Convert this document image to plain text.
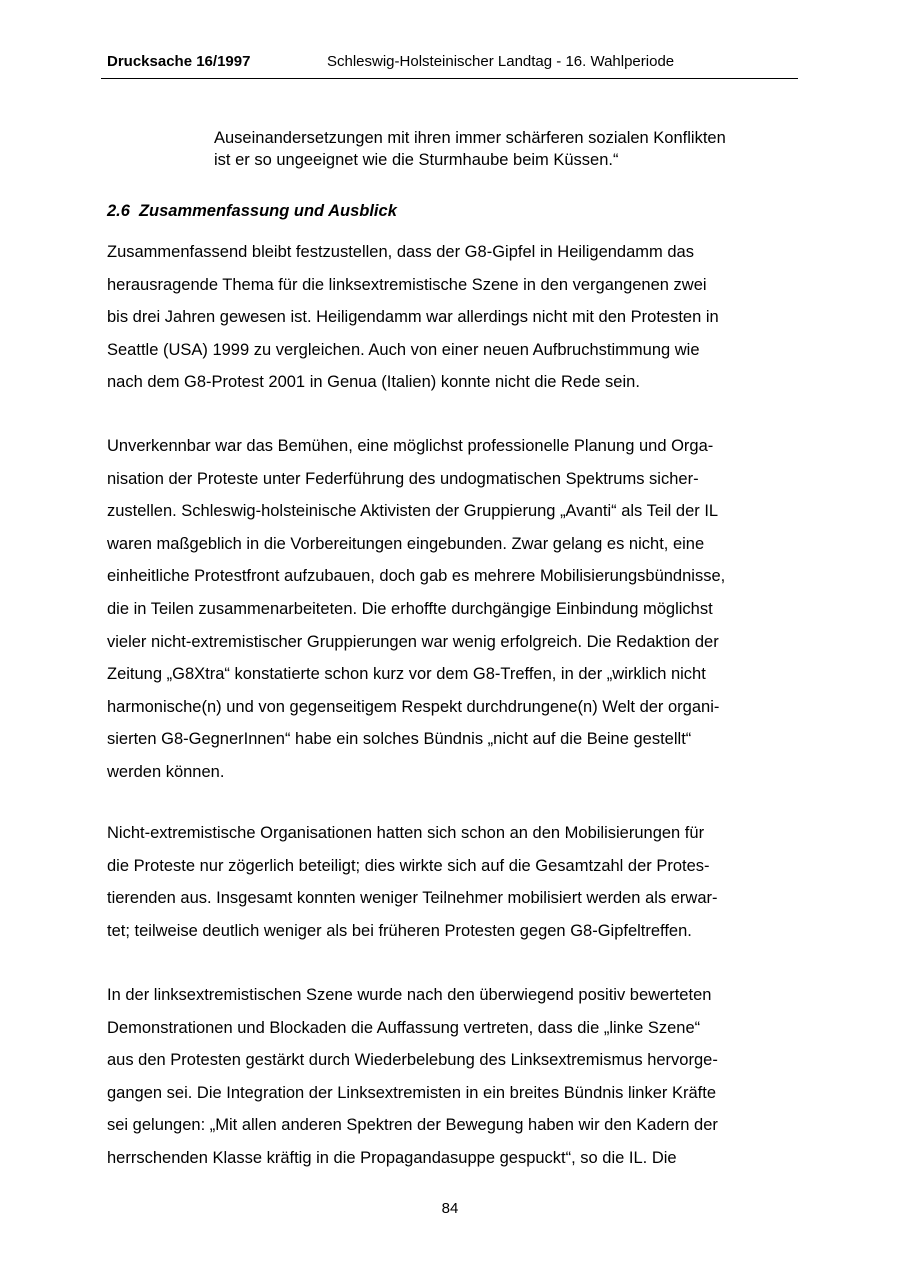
Drucksache 16/1997	Schleswig-Holsteinischer Landtag - 16. Wahlperiode
Auseinandersetzungen mit ihren immer schärferen sozialen Konflikten
ist er so ungeeignet wie die Sturmhaube beim Küssen.“
2.6 Zusammenfassung und Ausblick
Zusammenfassend bleibt festzustellen, dass der G8-Gipfel in Heiligendamm das
herausragende Thema für die linksextremistische Szene in den vergangenen zwei
bis drei Jahren gewesen ist. Heiligendamm war allerdings nicht mit den Protesten in
Seattle (USA) 1999 zu vergleichen. Auch von einer neuen Aufbruchstimmung wie
nach dem G8-Protest 2001 in Genua (Italien) konnte nicht die Rede sein.
Unverkennbar war das Bemühen, eine möglichst professionelle Planung und Orga-
nisation der Proteste unter Federführung des undogmatischen Spektrums sicher-
zustellen. Schleswig-holsteinische Aktivisten der Gruppierung „Avanti“ als Teil der IL
waren maßgeblich in die Vorbereitungen eingebunden. Zwar gelang es nicht, eine
einheitliche Protestfront aufzubauen, doch gab es mehrere Mobilisierungsbündnisse,
die in Teilen zusammenarbeiteten. Die erhoffte durchgängige Einbindung möglichst
vieler nicht-extremistischer Gruppierungen war wenig erfolgreich. Die Redaktion der
Zeitung „G8Xtra“ konstatierte schon kurz vor dem G8-Treffen, in der „wirklich nicht
harmonische(n) und von gegenseitigem Respekt durchdrungene(n) Welt der organi-
sierten G8-GegnerInnen“ habe ein solches Bündnis „nicht auf die Beine gestellt“
werden können.
Nicht-extremistische Organisationen hatten sich schon an den Mobilisierungen für
die Proteste nur zögerlich beteiligt; dies wirkte sich auf die Gesamtzahl der Protes-
tierenden aus. Insgesamt konnten weniger Teilnehmer mobilisiert werden als erwar-
tet; teilweise deutlich weniger als bei früheren Protesten gegen G8-Gipfeltreffen.
In der linksextremistischen Szene wurde nach den überwiegend positiv bewerteten
Demonstrationen und Blockaden die Auffassung vertreten, dass die „linke Szene“
aus den Protesten gestärkt durch Wiederbelebung des Linksextremismus hervorge-
gangen sei. Die Integration der Linksextremisten in ein breites Bündnis linker Kräfte
sei gelungen: „Mit allen anderen Spektren der Bewegung haben wir den Kadern der
herrschenden Klasse kräftig in die Propagandasuppe gespuckt“, so die IL. Die
84
